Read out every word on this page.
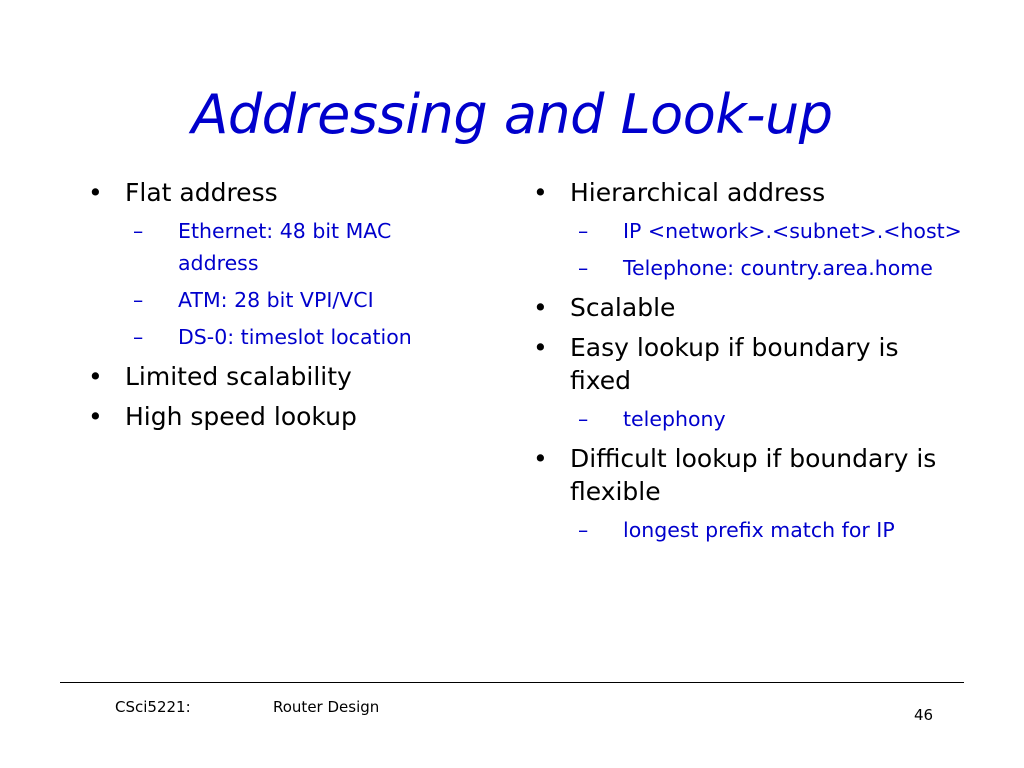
Addressing and Look-up
• Flat address
– Ethernet: 48 bit MAC address
– ATM: 28 bit VPI/VCI
– DS-0: timeslot location
• Limited scalability
• High speed lookup
• Hierarchical address
– IP <network>.<subnet>.<host>
– Telephone: country.area.home
• Scalable
• Easy lookup if boundary is fixed
– telephony
• Difficult lookup if boundary is flexible
– longest prefix match for IP
CSci5221:	Router Design	46
